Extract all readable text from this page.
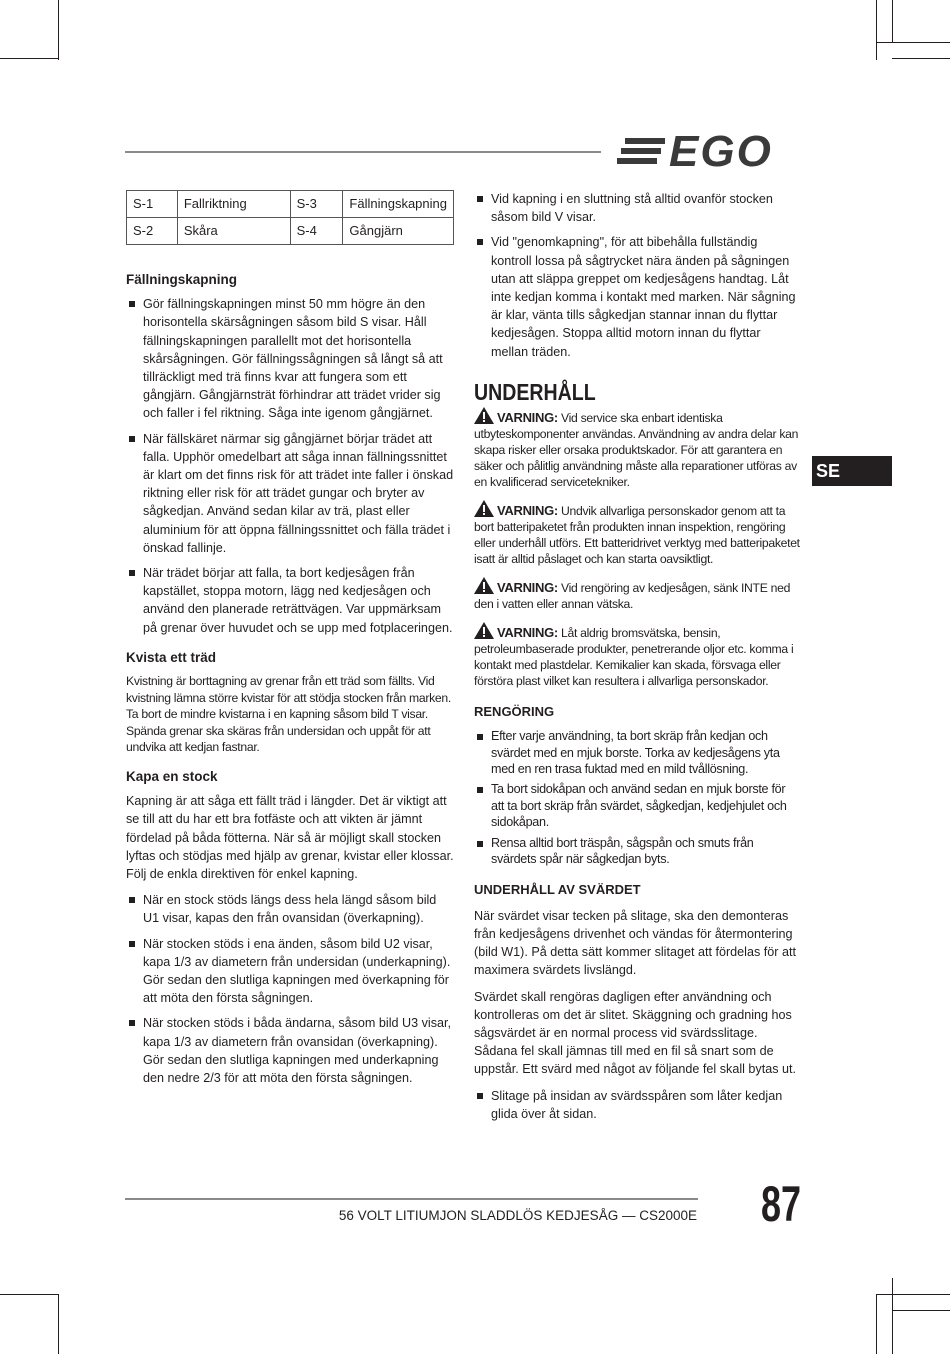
EGO
SE
S-1	Fallriktning	S-3	Fällningskapning
S-2	Skåra	S-4	Gångjärn
Fällningskapning
Gör fällningskapningen minst 50 mm högre än den horisontella skärsågningen såsom bild S visar. Håll fällningskapningen parallellt mot det horisontella skårsågningen. Gör fällningssågningen så långt så att tillräckligt med trä finns kvar att fungera som ett gångjärn. Gångjärnsträt förhindrar att trädet vrider sig och faller i fel riktning. Såga inte igenom gångjärnet.
När fällskäret närmar sig gångjärnet börjar trädet att falla. Upphör omedelbart att såga innan fällningssnittet är klart om det finns risk för att trädet inte faller i önskad riktning eller risk för att trädet gungar och bryter av sågkedjan. Använd sedan kilar av trä, plast eller aluminium för att öppna fällningssnittet och fälla trädet i önskad fallinje.
När trädet börjar att falla, ta bort kedjesågen från kapstället, stoppa motorn, lägg ned kedjesågen och använd den planerade reträttvägen. Var uppmärksam på grenar över huvudet och se upp med fotplaceringen.
Kvista ett träd

Kvistning är borttagning av grenar från ett träd som fällts. Vid kvistning lämna större kvistar för att stödja stocken från marken. Ta bort de mindre kvistarna i en kapning såsom bild T visar. Spända grenar ska skäras från undersidan och uppåt för att undvika att kedjan fastnar.

Kapa en stock

Kapning är att såga ett fällt träd i längder. Det är viktigt att se till att du har ett bra fotfäste och att vikten är jämnt fördelad på båda fötterna. När så är möjligt skall stocken lyftas och stödjas med hjälp av grenar, kvistar eller klossar. Följ de enkla direktiven för enkel kapning.

När en stock stöds längs dess hela längd såsom bild U1 visar, kapas den från ovansidan (överkapning).
När stocken stöds i ena änden, såsom bild U2 visar, kapa 1/3 av diametern från undersidan (underkapning). Gör sedan den slutliga kapningen med överkapning för att möta den första sågningen.
När stocken stöds i båda ändarna, såsom bild U3 visar, kapa 1/3 av diametern från ovansidan (överkapning). Gör sedan den slutliga kapningen med underkapning den nedre 2/3 för att möta den första sågningen.
Vid kapning i en sluttning stå alltid ovanför stocken såsom bild V visar.
Vid "genomkapning", för att bibehålla fullständig kontroll lossa på sågtrycket nära änden på sågningen utan att släppa greppet om kedjesågens handtag. Låt inte kedjan komma i kontakt med marken. När sågning är klar, vänta tills sågkedjan stannar innan du flyttar kedjesågen. Stoppa alltid motorn innan du flyttar mellan träden.
UNDERHÅLL
VARNING: Vid service ska enbart identiska utbyteskomponenter användas. Användning av andra delar kan skapa risker eller orsaka produktskador. För att garantera en säker och pålitlig användning måste alla reparationer utföras av en kvalificerad servicetekniker.
VARNING: Undvik allvarliga personskador genom att ta bort batteripaketet från produkten innan inspektion, rengöring eller underhåll utförs. Ett batteridrivet verktyg med batteripaketet isatt är alltid påslaget och kan starta oavsiktligt.
VARNING: Vid rengöring av kedjesågen, sänk INTE ned den i vatten eller annan vätska.
VARNING: Låt aldrig bromsvätska, bensin, petroleumbaserade produkter, penetrerande oljor etc. komma i kontakt med plastdelar. Kemikalier kan skada, försvaga eller förstöra plast vilket kan resultera i allvarliga personskador.
RENGÖRING
Efter varje användning, ta bort skräp från kedjan och svärdet med en mjuk borste. Torka av kedjesågens yta med en ren trasa fuktad med en mild tvållösning.
Ta bort sidokåpan och använd sedan en mjuk borste för att ta bort skräp från svärdet, sågkedjan, kedjehjulet och sidokåpan.
Rensa alltid bort träspån, sågspån och smuts från svärdets spår när sågkedjan byts.
UNDERHÅLL AV SVÄRDET

När svärdet visar tecken på slitage, ska den demonteras från kedjesågens drivenhet och vändas för återmontering (bild W1). På detta sätt kommer slitaget att fördelas för att maximera svärdets livslängd.

Svärdet skall rengöras dagligen efter användning och kontrolleras om det är slitet. Skäggning och gradning hos sågsvärdet är en normal process vid svärdsslitage. Sådana fel skall jämnas till med en fil så snart som de uppstår. Ett svärd med något av följande fel skall bytas ut.

Slitage på insidan av svärdsspåren som låter kedjan glida över åt sidan.
56 VOLT LITIUMJON SLADDLÖS KEDJESÅG — CS2000E 87
